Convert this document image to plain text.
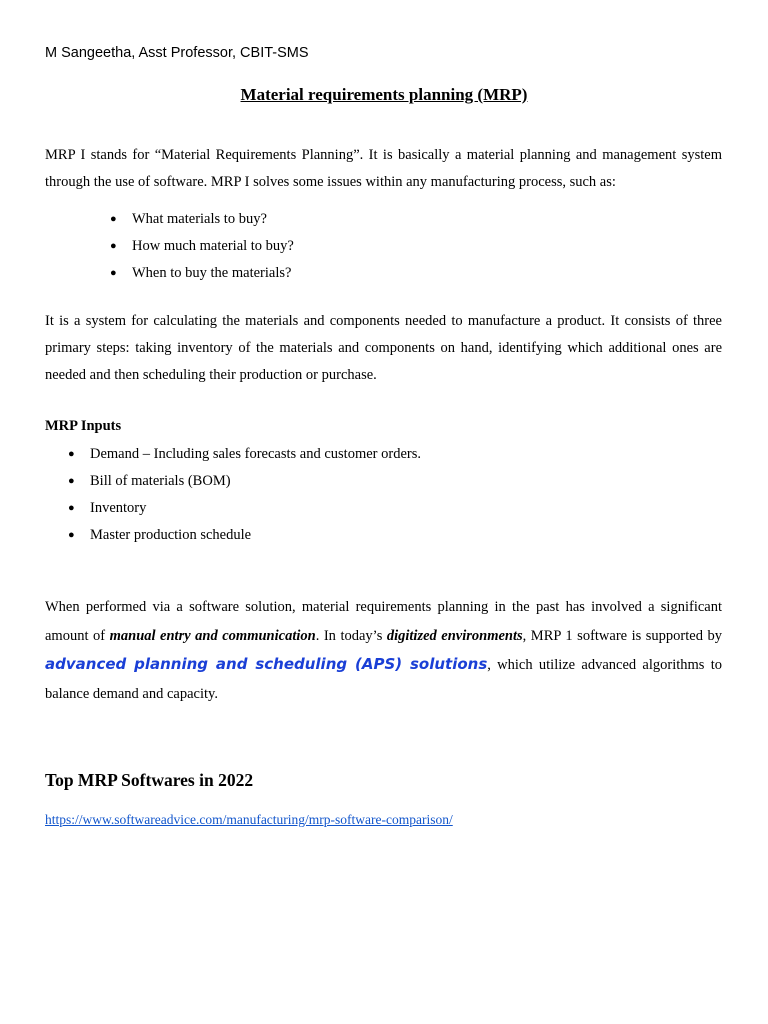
M Sangeetha, Asst Professor, CBIT-SMS
Material requirements planning (MRP)

MRP I stands for “Material Requirements Planning”. It is basically a material planning and management system through the use of software. MRP I solves some issues within any manufacturing process, such as:

● What materials to buy?
● How much material to buy?
● When to buy the materials?

It is a system for calculating the materials and components needed to manufacture a product. It consists of three primary steps: taking inventory of the materials and components on hand, identifying which additional ones are needed and then scheduling their production or purchase.

MRP Inputs
● Demand – Including sales forecasts and customer orders.
● Bill of materials (BOM)
● Inventory
● Master production schedule

When performed via a software solution, material requirements planning in the past has involved a significant amount of manual entry and communication. In today’s digitized environments, MRP 1 software is supported by advanced planning and scheduling (APS) solutions, which utilize advanced algorithms to balance demand and capacity.

Top MRP Softwares in 2022
https://www.softwareadvice.com/manufacturing/mrp-software-comparison/
